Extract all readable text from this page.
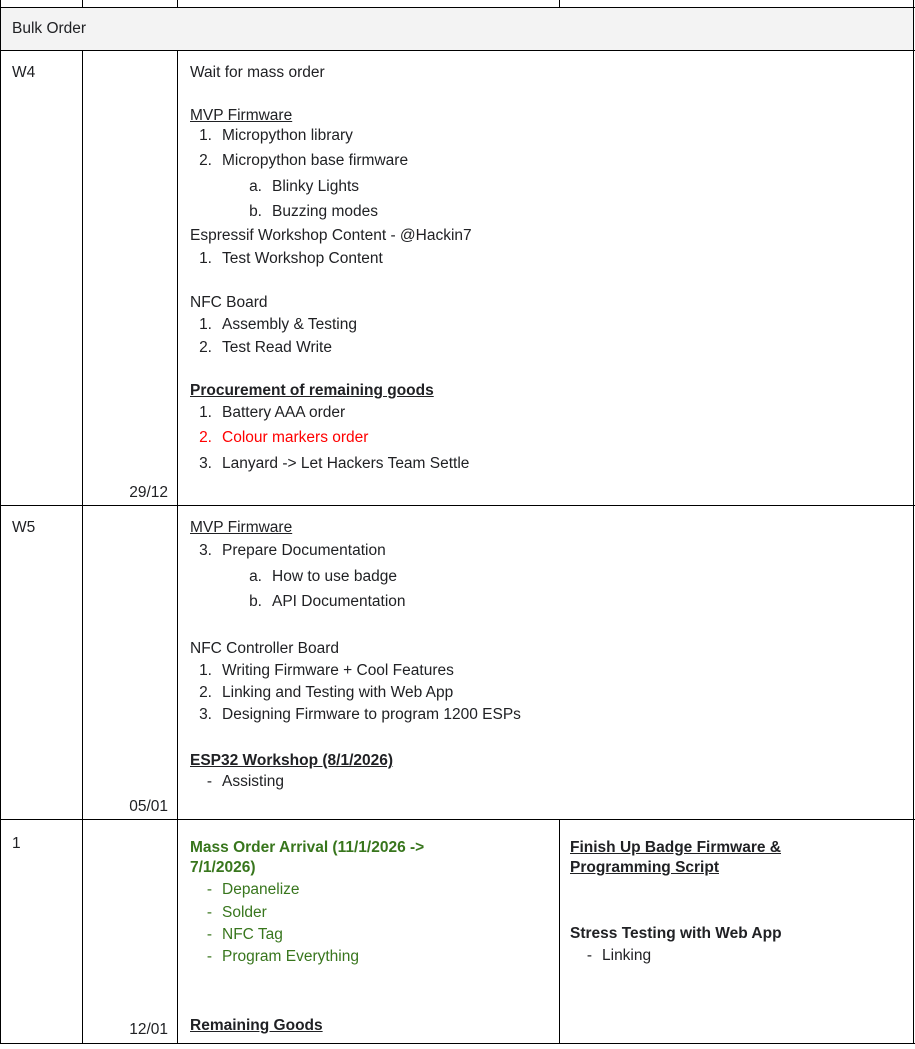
Bulk Order
W4
29/12
Wait for mass order
MVP Firmware
1. Micropython library
2. Micropython base firmware
a. Blinky Lights
b. Buzzing modes
Espressif Workshop Content - @Hackin7
1. Test Workshop Content
NFC Board
1. Assembly & Testing
2. Test Read Write
Procurement of remaining goods
1. Battery AAA order
2. Colour markers order
3. Lanyard -> Let Hackers Team Settle
W5
05/01
MVP Firmware
3. Prepare Documentation
a. How to use badge
b. API Documentation
NFC Controller Board
1. Writing Firmware + Cool Features
2. Linking and Testing with Web App
3. Designing Firmware to program 1200 ESPs
ESP32 Workshop (8/1/2026)
- Assisting
1
12/01
Mass Order Arrival (11/1/2026 ->
7/1/2026)
- Depanelize
- Solder
- NFC Tag
- Program Everything
Remaining Goods
Finish Up Badge Firmware &
Programming Script
Stress Testing with Web App
- Linking
